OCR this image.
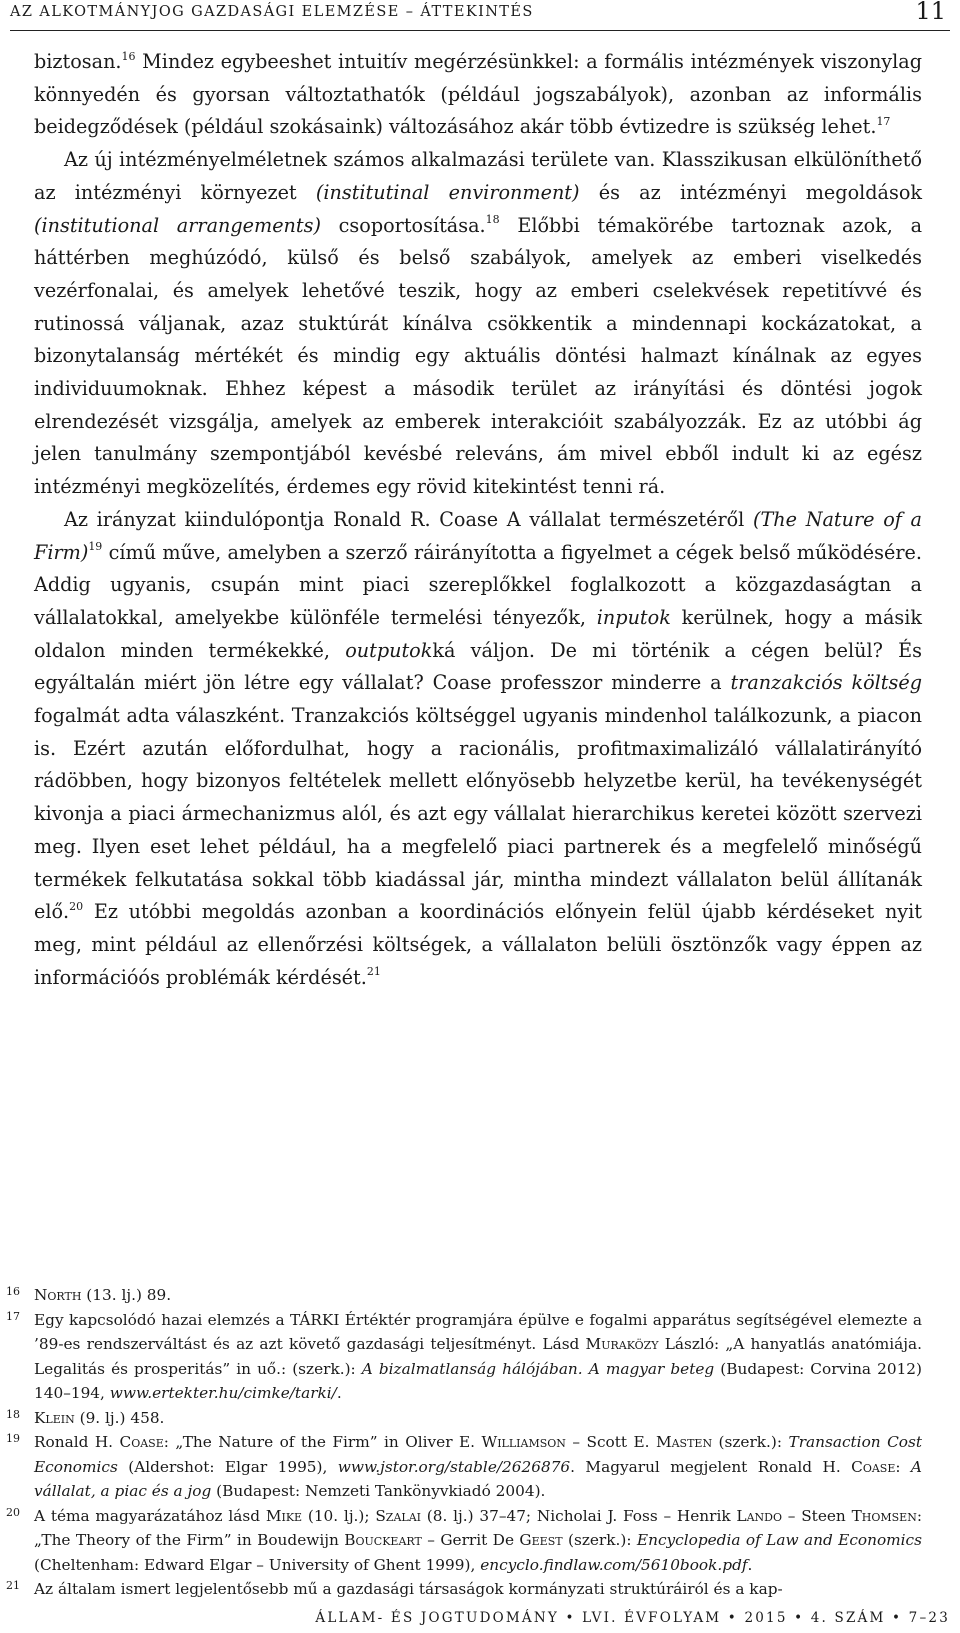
AZ ALKOTMÁNYJOG GAZDASÁGI ELEMZÉSE – ÁTTEKINTÉS	11

biztosan.$^{16}$ Mindez egybeeshet intuitív megérzésünkkel: a formális intézmények viszonylag könnyedén és gyorsan változtathatók (például jogszabályok), azonban az informális beidegződések (például szokásaink) változásához akár több évtizedre is szükség lehet.$^{17}$

Az új intézményelméletnek számos alkalmazási területe van. Klasszikusan elkülöníthető az intézményi környezet (institutinal environment) és az intézményi megoldások (institutional arrangements) csoportosítása.$^{18}$ Előbbi témakörébe tartoznak azok, a háttérben meghúzódó, külső és belső szabályok, amelyek az emberi viselkedés vezérfonalai, és amelyek lehetővé teszik, hogy az emberi cselekvések repetitívvé és rutinossá váljanak, azaz stuktúrát kínálva csökkentik a mindennapi kockázatokat, a bizonytalanság mértékét és mindig egy aktuális döntési halmazt kínálnak az egyes individuumoknak. Ehhez képest a második terület az irányítási és döntési jogok elrendezését vizsgálja, amelyek az emberek interakcióit szabályozzák. Ez az utóbbi ág jelen tanulmány szempontjából kevésbé releváns, ám mivel ebből indult ki az egész intézményi megközelítés, érdemes egy rövid kitekintést tenni rá.

Az irányzat kiindulópontja Ronald R. Coase A vállalat természetéről (The Nature of a Firm)$^{19}$ című műve, amelyben a szerző ráirányította a figyelmet a cégek belső működésére. Addig ugyanis, csupán mint piaci szereplőkkel foglalkozott a közgazdaságtan a vállalatokkal, amelyekbe különféle termelési tényezők, inputok kerülnek, hogy a másik oldalon minden termékekké, outputokká váljon. De mi történik a cégen belül? És egyáltalán miért jön létre egy vállalat? Coase professzor minderre a tranzakciós költség fogalmát adta válaszként. Tranzakciós költséggel ugyanis mindenhol találkozunk, a piacon is. Ezért azután előfordulhat, hogy a racionális, profitmaximalizáló vállalatirányító rádöbben, hogy bizonyos feltételek mellett előnyösebb helyzetbe kerül, ha tevékenységét kivonja a piaci ármechanizmus alól, és azt egy vállalat hierarchikus keretei között szervezi meg. Ilyen eset lehet például, ha a megfelelő piaci partnerek és a megfelelő minőségű termékek felkutatása sokkal több kiadással jár, mintha mindezt vállalaton belül állítanák elő.$^{20}$ Ez utóbbi megoldás azonban a koordinációs előnyein felül újabb kérdéseket nyit meg, mint például az ellenőrzési költségek, a vállalaton belüli ösztönzők vagy éppen az információós problémák kérdését.$^{21}$

16 North (13. lj.) 89.

17 Egy kapcsolódó hazai elemzés a TÁRKI Értéktér programjára épülve e fogalmi apparátus segítségével elemezte a ’89-es rendszerváltást és az azt követő gazdasági teljesítményt. Lásd Muraközy László: „A hanyatlás anatómiája. Legalitás és prosperitás” in uő.: (szerk.): A bizalmatlanság hálójában. A magyar beteg (Budapest: Corvina 2012) 140–194, www.ertekter.hu/cimke/tarki/.

18 Klein (9. lj.) 458.

19 Ronald H. Coase: „The Nature of the Firm” in Oliver E. Williamson – Scott E. Masten (szerk.): Transaction Cost Economics (Aldershot: Elgar 1995), www.jstor.org/stable/2626876. Magyarul megjelent Ronald H. Coase: A vállalat, a piac és a jog (Budapest: Nemzeti Tankönyvkiadó 2004).

20 A téma magyarázatához lásd Mike (10. lj.); Szalai (8. lj.) 37–47; Nicholai J. Foss – Henrik Lando – Steen Thomsen: „The Theory of the Firm” in Boudewijn Bouckeart – Gerrit De Geest (szerk.): Encyclopedia of Law and Economics (Cheltenham: Edward Elgar – University of Ghent 1999), encyclo.findlaw.com/5610book.pdf.

21 Az általam ismert legjelentősebb mű a gazdasági társaságok kormányzati struktúráiról és a kap-

ÁLLAM- ÉS JOGTUDOMÁNY • LVI. ÉVFOLYAM • 2015 • 4. SZÁM • 7–23
